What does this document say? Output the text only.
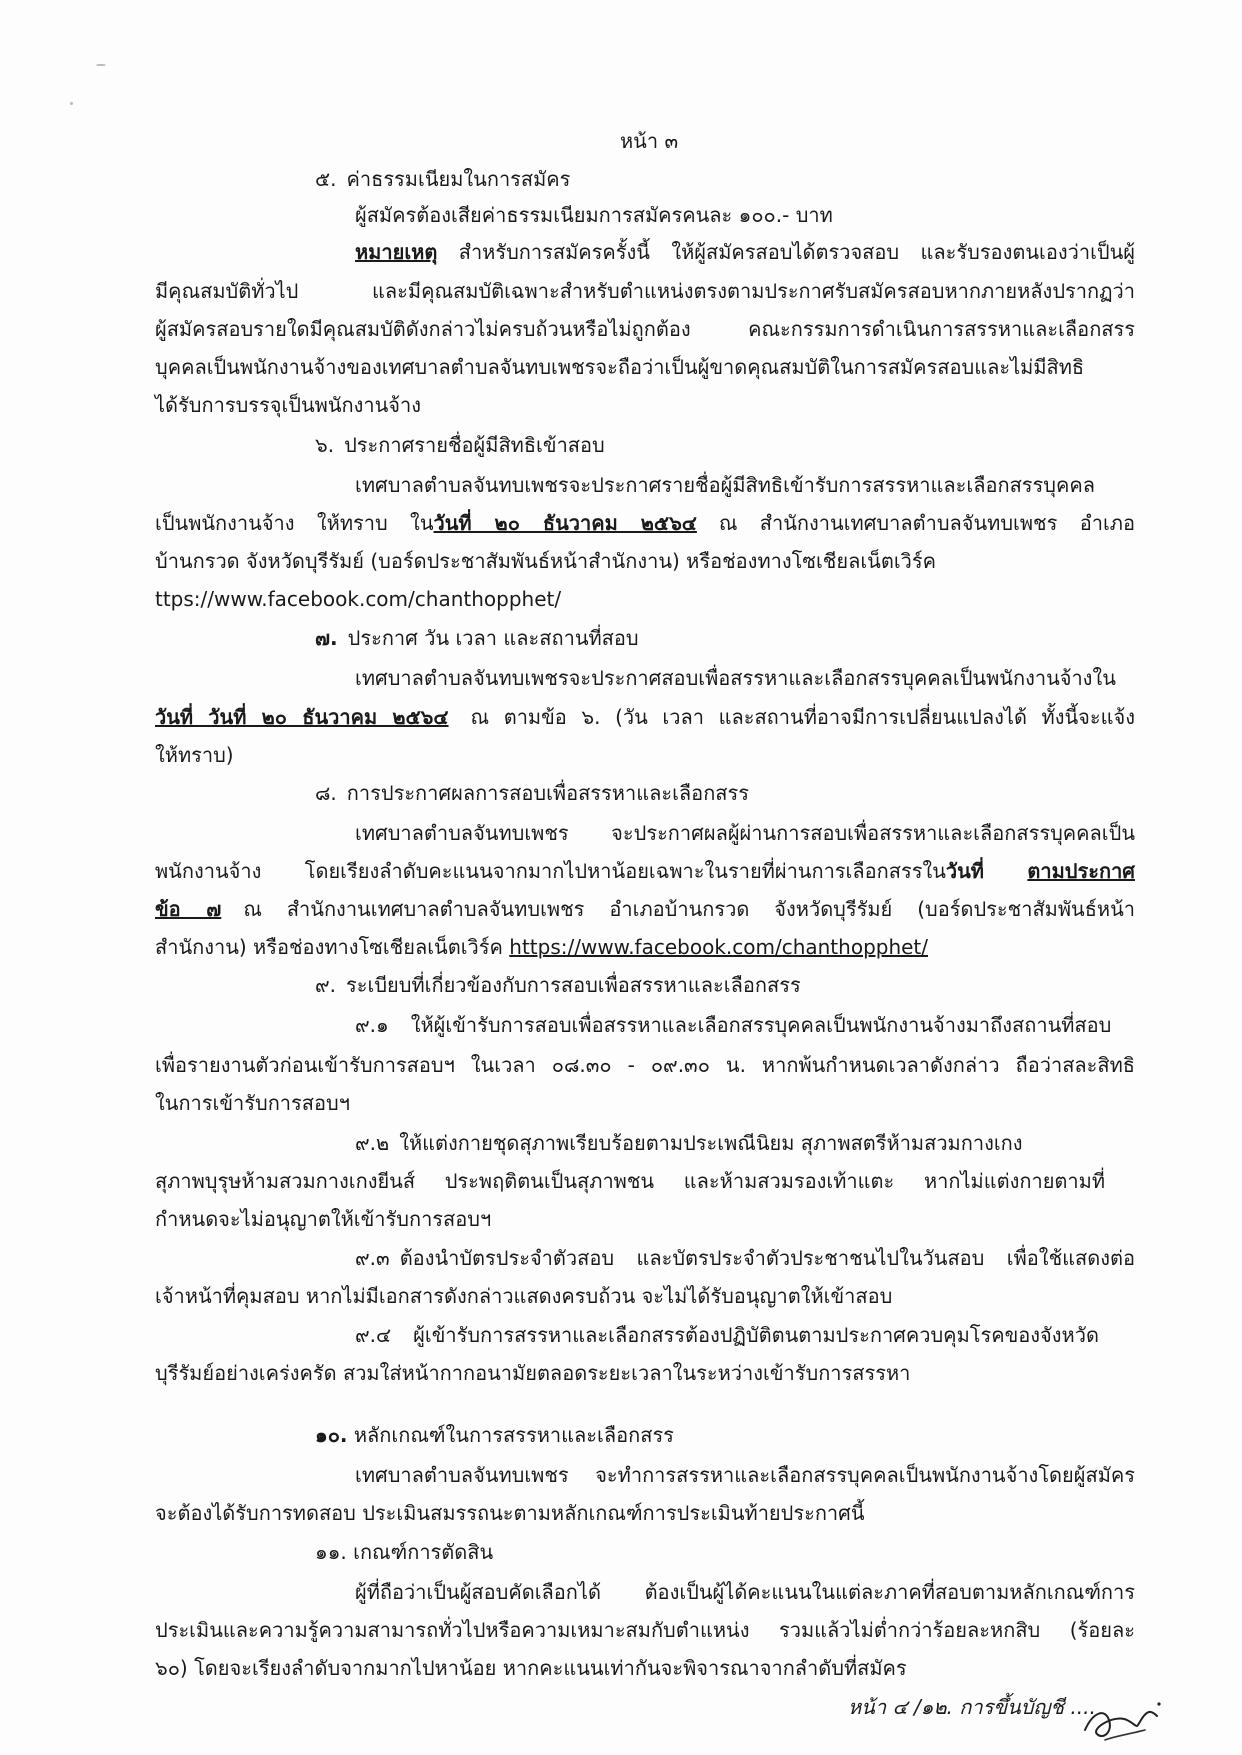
หน้า ๓
๕. ค่าธรรมเนียมในการสมัคร
ผู้สมัครต้องเสียค่าธรรมเนียมการสมัครคนละ ๑๐๐.- บาท
หมายเหตุ สำหรับการสมัครครั้งนี้ ให้ผู้สมัครสอบได้ตรวจสอบ และรับรองตนเองว่าเป็นผู้
มีคุณสมบัติทั่วไป และมีคุณสมบัติเฉพาะสำหรับตำแหน่งตรงตามประกาศรับสมัครสอบหากภายหลังปรากฏว่า
ผู้สมัครสอบรายใดมีคุณสมบัติดังกล่าวไม่ครบถ้วนหรือไม่ถูกต้อง คณะกรรมการดำเนินการสรรหาและเลือกสรร
บุคคลเป็นพนักงานจ้างของเทศบาลตำบลจันทบเพชรจะถือว่าเป็นผู้ขาดคุณสมบัติในการสมัครสอบและไม่มีสิทธิ
ได้รับการบรรจุเป็นพนักงานจ้าง
๖. ประกาศรายชื่อผู้มีสิทธิเข้าสอบ
เทศบาลตำบลจันทบเพชรจะประกาศรายชื่อผู้มีสิทธิเข้ารับการสรรหาและเลือกสรรบุคคล
เป็นพนักงานจ้าง ให้ทราบ ในวันที่ ๒๐ ธันวาคม ๒๕๖๔ ณ สำนักงานเทศบาลตำบลจันทบเพชร อำเภอ
บ้านกรวด จังหวัดบุรีรัมย์ (บอร์ดประชาสัมพันธ์หน้าสำนักงาน) หรือช่องทางโซเชียลเน็ตเวิร์ค
ttps://www.facebook.com/chanthopphet/
๗. ประกาศ วัน เวลา และสถานที่สอบ
เทศบาลตำบลจันทบเพชรจะประกาศสอบเพื่อสรรหาและเลือกสรรบุคคลเป็นพนักงานจ้างใน
วันที่ วันที่ ๒๐ ธันวาคม ๒๕๖๔ ณ ตามข้อ ๖. (วัน เวลา และสถานที่อาจมีการเปลี่ยนแปลงได้ ทั้งนี้จะแจ้ง
ให้ทราบ)
๘. การประกาศผลการสอบเพื่อสรรหาและเลือกสรร
เทศบาลตำบลจันทบเพชร จะประกาศผลผู้ผ่านการสอบเพื่อสรรหาและเลือกสรรบุคคลเป็น
พนักงานจ้าง โดยเรียงลำดับคะแนนจากมากไปหาน้อยเฉพาะในรายที่ผ่านการเลือกสรรในวันที่ ตามประกาศ
ข้อ ๗ ณ สำนักงานเทศบาลตำบลจันทบเพชร อำเภอบ้านกรวด จังหวัดบุรีรัมย์ (บอร์ดประชาสัมพันธ์หน้า
สำนักงาน) หรือช่องทางโซเชียลเน็ตเวิร์ค https://www.facebook.com/chanthopphet/
๙. ระเบียบที่เกี่ยวข้องกับการสอบเพื่อสรรหาและเลือกสรร
๙.๑ ให้ผู้เข้ารับการสอบเพื่อสรรหาและเลือกสรรบุคคลเป็นพนักงานจ้างมาถึงสถานที่สอบ
เพื่อรายงานตัวก่อนเข้ารับการสอบฯ ในเวลา ๐๘.๓๐ - ๐๙.๓๐ น. หากพ้นกำหนดเวลาดังกล่าว ถือว่าสละสิทธิ
ในการเข้ารับการสอบฯ
๙.๒ ให้แต่งกายชุดสุภาพเรียบร้อยตามประเพณีนิยม สุภาพสตรีห้ามสวมกางเกง
สุภาพบุรุษห้ามสวมกางเกงยีนส์ ประพฤติตนเป็นสุภาพชน และห้ามสวมรองเท้าแตะ หากไม่แต่งกายตามที่
กำหนดจะไม่อนุญาตให้เข้ารับการสอบฯ
๙.๓ ต้องนำบัตรประจำตัวสอบ และบัตรประจำตัวประชาชนไปในวันสอบ เพื่อใช้แสดงต่อ
เจ้าหน้าที่คุมสอบ หากไม่มีเอกสารดังกล่าวแสดงครบถ้วน จะไม่ได้รับอนุญาตให้เข้าสอบ
๙.๔ ผู้เข้ารับการสรรหาและเลือกสรรต้องปฏิบัติตนตามประกาศควบคุมโรคของจังหวัด
บุรีรัมย์อย่างเคร่งครัด สวมใส่หน้ากากอนามัยตลอดระยะเวลาในระหว่างเข้ารับการสรรหา
๑๐. หลักเกณฑ์ในการสรรหาและเลือกสรร
เทศบาลตำบลจันทบเพชร จะทำการสรรหาและเลือกสรรบุคคลเป็นพนักงานจ้างโดยผู้สมัคร
จะต้องได้รับการทดสอบ ประเมินสมรรถนะตามหลักเกณฑ์การประเมินท้ายประกาศนี้
๑๑. เกณฑ์การตัดสิน
ผู้ที่ถือว่าเป็นผู้สอบคัดเลือกได้ ต้องเป็นผู้ได้คะแนนในแต่ละภาคที่สอบตามหลักเกณฑ์การ
ประเมินและความรู้ความสามารถทั่วไปหรือความเหมาะสมกับตำแหน่ง รวมแล้วไม่ต่ำกว่าร้อยละหกสิบ (ร้อยละ
๖๐) โดยจะเรียงลำดับจากมากไปหาน้อย หากคะแนนเท่ากันจะพิจารณาจากลำดับที่สมัคร
หน้า ๔ /๑๒. การขึ้นบัญชี ....
